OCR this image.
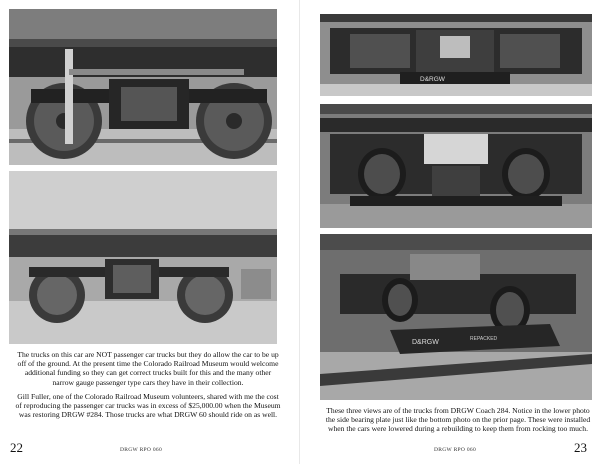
The trucks on this car are NOT passenger car trucks but they do allow the car to be up off of the ground. At the present time the Colorado Railroad Museum would welcome additional funding so they can get correct trucks built for this and the many other narrow gauge passenger type cars they have in their collection.

Gill Fuller, one of the Colorado Railroad Museum volunteers, shared with me the cost of reproducing the passenger car trucks was in excess of $25,000.00 when the Museum was restoring DRGW #284. Those trucks are what DRGW 60 should ride on as well.

22	DRGW RPO 060
D&RGW
D&RGW	REPACKED
These three views are of the trucks from DRGW Coach 284. Notice in the lower photo the side bearing plate just like the bottom photo on the prior page. These were installed when the cars were lowered during a rebuilding to keep them from rocking too much.
23
DRGW RPO 060
